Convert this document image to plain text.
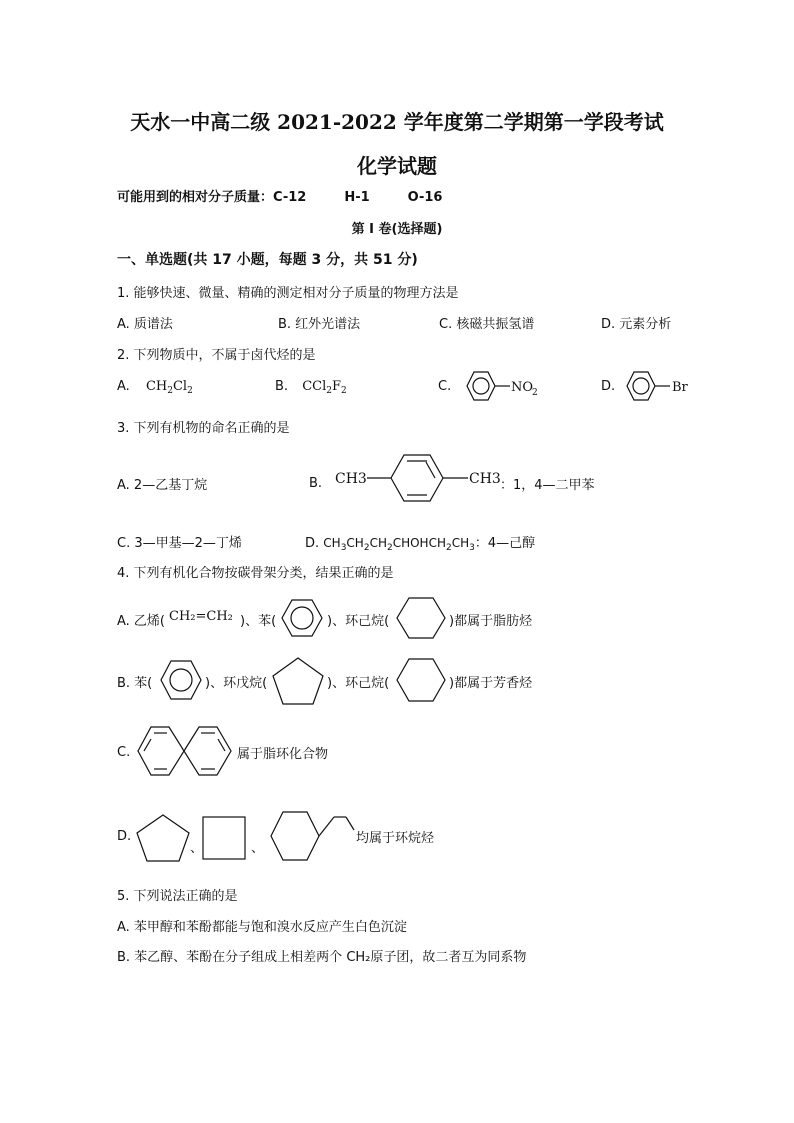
天水一中高二级 2021-2022 学年度第二学期第一学段考试
化学试题
可能用到的相对分子质量：C-12	H-1	O-16
第 I 卷(选择题)
一、单选题(共 17 小题，每题 3 分，共 51 分)
1. 能够快速、微量、精确的测定相对分子质量的物理方法是
A. 质谱法	B. 红外光谱法	C. 核磁共振氢谱	D. 元素分析
2. 下列物质中，不属于卤代烃的是
A. $CH_2Cl_2$	B. $CCl_2F_2$	C.	NO
2	D.	Br
3. 下列有机物的命名正确的是
A. 2—乙基丁烷	B. CH3	CH3 ：1，4—二甲苯
C. 3—甲基—2—丁烯	D. $CH_3CH_2CH_2CHOHCH_2CH_3$：4—己醇
4. 下列有机化合物按碳骨架分类，结果正确的是
A. 乙烯( CH₂=CH₂ )、苯(	)、环己烷(	)都属于脂肪烃
B. 苯(	)、环戊烷(	)、环己烷(	)都属于芳香烃
C.	属于脂环化合物
D.
、	、
均属于环烷烃
5. 下列说法正确的是
A. 苯甲醇和苯酚都能与饱和溴水反应产生白色沉淀
B. 苯乙醇、苯酚在分子组成上相差两个 CH₂原子团，故二者互为同系物
